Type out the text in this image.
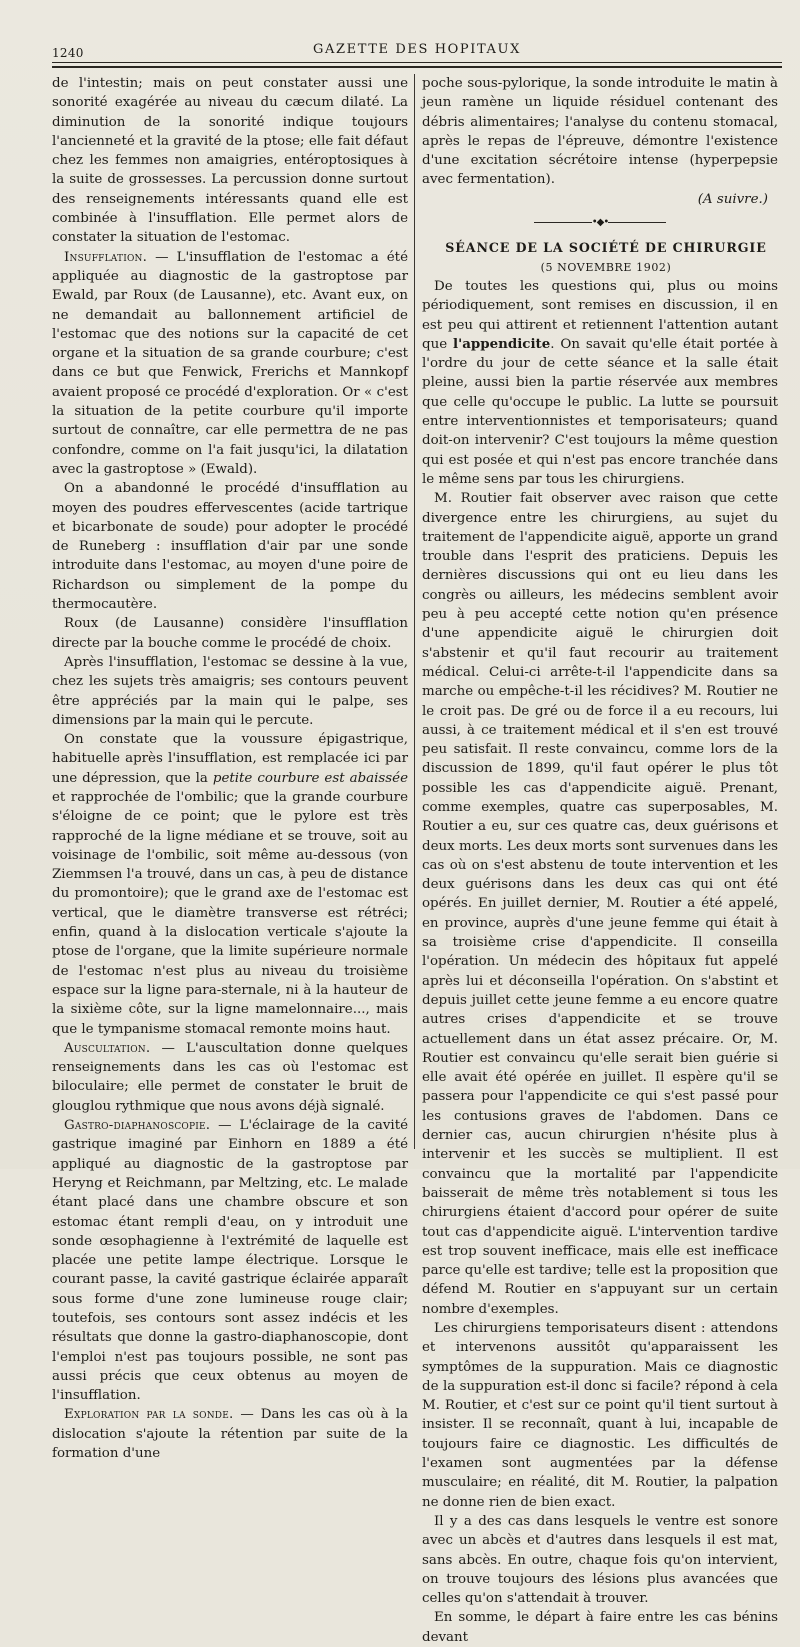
1240	GAZETTE DES HOPITAUX

de l'intestin; mais on peut constater aussi une sonorité exagérée au niveau du cæcum dilaté. La diminution de la sonorité indique toujours l'ancienneté et la gravité de la ptose; elle fait défaut chez les femmes non amaigries, entéroptosiques à la suite de grossesses. La percussion donne surtout des renseignements intéressants quand elle est combinée à l'insufflation. Elle permet alors de constater la situation de l'estomac.

Insufflation. — L'insufflation de l'estomac a été appliquée au diagnostic de la gastroptose par Ewald, par Roux (de Lausanne), etc. Avant eux, on ne demandait au ballonnement artificiel de l'estomac que des notions sur la capacité de cet organe et la situation de sa grande courbure; c'est dans ce but que Fenwick, Frerichs et Mannkopf avaient proposé ce procédé d'exploration. Or « c'est la situation de la petite courbure qu'il importe surtout de connaître, car elle permettra de ne pas confondre, comme on l'a fait jusqu'ici, la dilatation avec la gastroptose » (Ewald).

On a abandonné le procédé d'insufflation au moyen des poudres effervescentes (acide tartrique et bicarbonate de soude) pour adopter le procédé de Runeberg : insufflation d'air par une sonde introduite dans l'estomac, au moyen d'une poire de Richardson ou simplement de la pompe du thermocautère.

Roux (de Lausanne) considère l'insufflation directe par la bouche comme le procédé de choix.

Après l'insufflation, l'estomac se dessine à la vue, chez les sujets très amaigris; ses contours peuvent être appréciés par la main qui le palpe, ses dimensions par la main qui le percute.

On constate que la voussure épigastrique, habituelle après l'insufflation, est remplacée ici par une dépression, que la petite courbure est abaissée et rapprochée de l'ombilic; que la grande courbure s'éloigne de ce point; que le pylore est très rapproché de la ligne médiane et se trouve, soit au voisinage de l'ombilic, soit même au-dessous (von Ziemmsen l'a trouvé, dans un cas, à peu de distance du promontoire); que le grand axe de l'estomac est vertical, que le diamètre transverse est rétréci; enfin, quand à la dislocation verticale s'ajoute la ptose de l'organe, que la limite supérieure normale de l'estomac n'est plus au niveau du troisième espace sur la ligne para-sternale, ni à la hauteur de la sixième côte, sur la ligne mamelonnaire..., mais que le tympanisme stomacal remonte moins haut.

Auscultation. — L'auscultation donne quelques renseignements dans les cas où l'estomac est biloculaire; elle permet de constater le bruit de glouglou rythmique que nous avons déjà signalé.

Gastro-diaphanoscopie. — L'éclairage de la cavité gastrique imaginé par Einhorn en 1889 a été appliqué au diagnostic de la gastroptose par Heryng et Reichmann, par Meltzing, etc. Le malade étant placé dans une chambre obscure et son estomac étant rempli d'eau, on y introduit une sonde œsophagienne à l'extrémité de laquelle est placée une petite lampe électrique. Lorsque le courant passe, la cavité gastrique éclairée apparaît sous forme d'une zone lumineuse rouge clair; toutefois, ses contours sont assez indécis et les résultats que donne la gastro-diaphanoscopie, dont l'emploi n'est pas toujours possible, ne sont pas aussi précis que ceux obtenus au moyen de l'insufflation.

Exploration par la sonde. — Dans les cas où à la dislocation s'ajoute la rétention par suite de la formation d'une

poche sous-pylorique, la sonde introduite le matin à jeun ramène un liquide résiduel contenant des débris alimentaires; l'analyse du contenu stomacal, après le repas de l'épreuve, démontre l'existence d'une excitation sécrétoire intense (hyperpepsie avec fermentation).

(A suivre.)

•◆•

SÉANCE DE LA SOCIÉTÉ DE CHIRURGIE

(5 NOVEMBRE 1902)

De toutes les questions qui, plus ou moins périodiquement, sont remises en discussion, il en est peu qui attirent et retiennent l'attention autant que l'appendicite. On savait qu'elle était portée à l'ordre du jour de cette séance et la salle était pleine, aussi bien la partie réservée aux membres que celle qu'occupe le public. La lutte se poursuit entre interventionnistes et temporisateurs; quand doit-on intervenir? C'est toujours la même question qui est posée et qui n'est pas encore tranchée dans le même sens par tous les chirurgiens.

M. Routier fait observer avec raison que cette divergence entre les chirurgiens, au sujet du traitement de l'appendicite aiguë, apporte un grand trouble dans l'esprit des praticiens. Depuis les dernières discussions qui ont eu lieu dans les congrès ou ailleurs, les médecins semblent avoir peu à peu accepté cette notion qu'en présence d'une appendicite aiguë le chirurgien doit s'abstenir et qu'il faut recourir au traitement médical. Celui-ci arrête-t-il l'appendicite dans sa marche ou empêche-t-il les récidives? M. Routier ne le croit pas. De gré ou de force il a eu recours, lui aussi, à ce traitement médical et il s'en est trouvé peu satisfait. Il reste convaincu, comme lors de la discussion de 1899, qu'il faut opérer le plus tôt possible les cas d'appendicite aiguë. Prenant, comme exemples, quatre cas superposables, M. Routier a eu, sur ces quatre cas, deux guérisons et deux morts. Les deux morts sont survenues dans les cas où on s'est abstenu de toute intervention et les deux guérisons dans les deux cas qui ont été opérés. En juillet dernier, M. Routier a été appelé, en province, auprès d'une jeune femme qui était à sa troisième crise d'appendicite. Il conseilla l'opération. Un médecin des hôpitaux fut appelé après lui et déconseilla l'opération. On s'abstint et depuis juillet cette jeune femme a eu encore quatre autres crises d'appendicite et se trouve actuellement dans un état assez précaire. Or, M. Routier est convaincu qu'elle serait bien guérie si elle avait été opérée en juillet. Il espère qu'il se passera pour l'appendicite ce qui s'est passé pour les contusions graves de l'abdomen. Dans ce dernier cas, aucun chirurgien n'hésite plus à intervenir et les succès se multiplient. Il est convaincu que la mortalité par l'appendicite baisserait de même très notablement si tous les chirurgiens étaient d'accord pour opérer de suite tout cas d'appendicite aiguë. L'intervention tardive est trop souvent inefficace, mais elle est inefficace parce qu'elle est tardive; telle est la proposition que défend M. Routier en s'appuyant sur un certain nombre d'exemples.

Les chirurgiens temporisateurs disent : attendons et intervenons aussitôt qu'apparaissent les symptômes de la suppuration. Mais ce diagnostic de la suppuration est-il donc si facile? répond à cela M. Routier, et c'est sur ce point qu'il tient surtout à insister. Il se reconnaît, quant à lui, incapable de toujours faire ce diagnostic. Les difficultés de l'examen sont augmentées par la défense musculaire; en réalité, dit M. Routier, la palpation ne donne rien de bien exact.

Il y a des cas dans lesquels le ventre est sonore avec un abcès et d'autres dans lesquels il est mat, sans abcès. En outre, chaque fois qu'on intervient, on trouve toujours des lésions plus avancées que celles qu'on s'attendait à trouver.

En somme, le départ à faire entre les cas bénins devant
